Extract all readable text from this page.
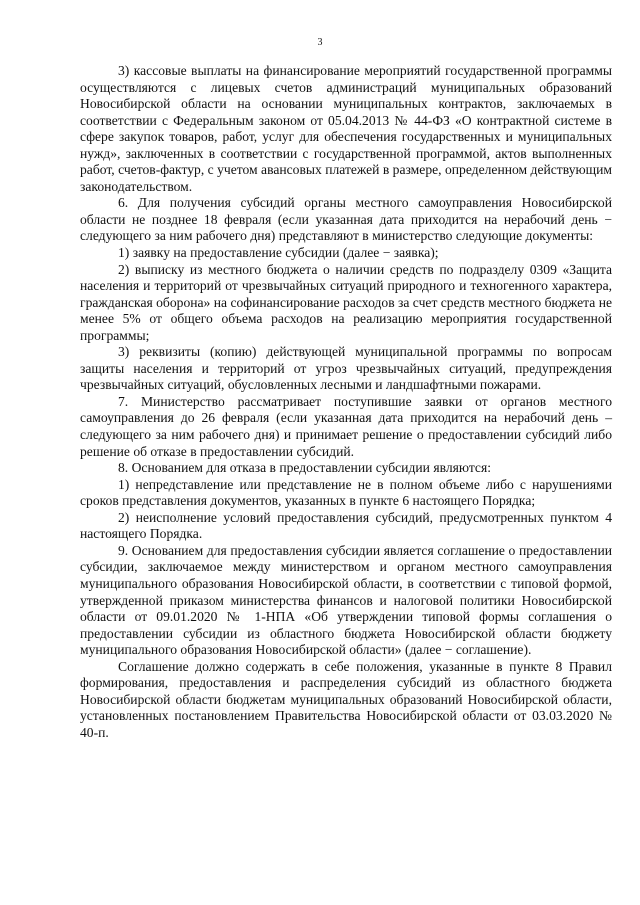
3

3) кассовые выплаты на финансирование мероприятий государственной программы осуществляются с лицевых счетов администраций муниципальных образований Новосибирской области на основании муниципальных контрактов, заключаемых в соответствии с Федеральным законом от 05.04.2013 № 44-ФЗ «О контрактной системе в сфере закупок товаров, работ, услуг для обеспечения государственных и муниципальных нужд», заключенных в соответствии с государственной программой, актов выполненных работ, счетов-фактур, с учетом авансовых платежей в размере, определенном действующим законодательством.

6. Для получения субсидий органы местного самоуправления Новосибирской области не позднее 18 февраля (если указанная дата приходится на нерабочий день − следующего за ним рабочего дня) представляют в министерство следующие документы:

1) заявку на предоставление субсидии (далее − заявка);

2) выписку из местного бюджета о наличии средств по подразделу 0309 «Защита населения и территорий от чрезвычайных ситуаций природного и техногенного характера, гражданская оборона» на софинансирование расходов за счет средств местного бюджета не менее 5% от общего объема расходов на реализацию мероприятия государственной программы;

3) реквизиты (копию) действующей муниципальной программы по вопросам защиты населения и территорий от угроз чрезвычайных ситуаций, предупреждения чрезвычайных ситуаций, обусловленных лесными и ландшафтными пожарами.

7. Министерство рассматривает поступившие заявки от органов местного самоуправления до 26 февраля (если указанная дата приходится на нерабочий день – следующего за ним рабочего дня) и принимает решение о предоставлении субсидий либо решение об отказе в предоставлении субсидий.

8. Основанием для отказа в предоставлении субсидии являются:

1) непредставление или представление не в полном объеме либо с нарушениями сроков представления документов, указанных в пункте 6 настоящего Порядка;

2) неисполнение условий предоставления субсидий, предусмотренных пунктом 4 настоящего Порядка.

9. Основанием для предоставления субсидии является соглашение о предоставлении субсидии, заключаемое между министерством и органом местного самоуправления муниципального образования Новосибирской области, в соответствии с типовой формой, утвержденной приказом министерства финансов и налоговой политики Новосибирской области от 09.01.2020 № 1-НПА «Об утверждении типовой формы соглашения о предоставлении субсидии из областного бюджета Новосибирской области бюджету муниципального образования Новосибирской области» (далее − соглашение).

Соглашение должно содержать в себе положения, указанные в пункте 8 Правил формирования, предоставления и распределения субсидий из областного бюджета Новосибирской области бюджетам муниципальных образований Новосибирской области, установленных постановлением Правительства Новосибирской области от 03.03.2020 № 40-п.
